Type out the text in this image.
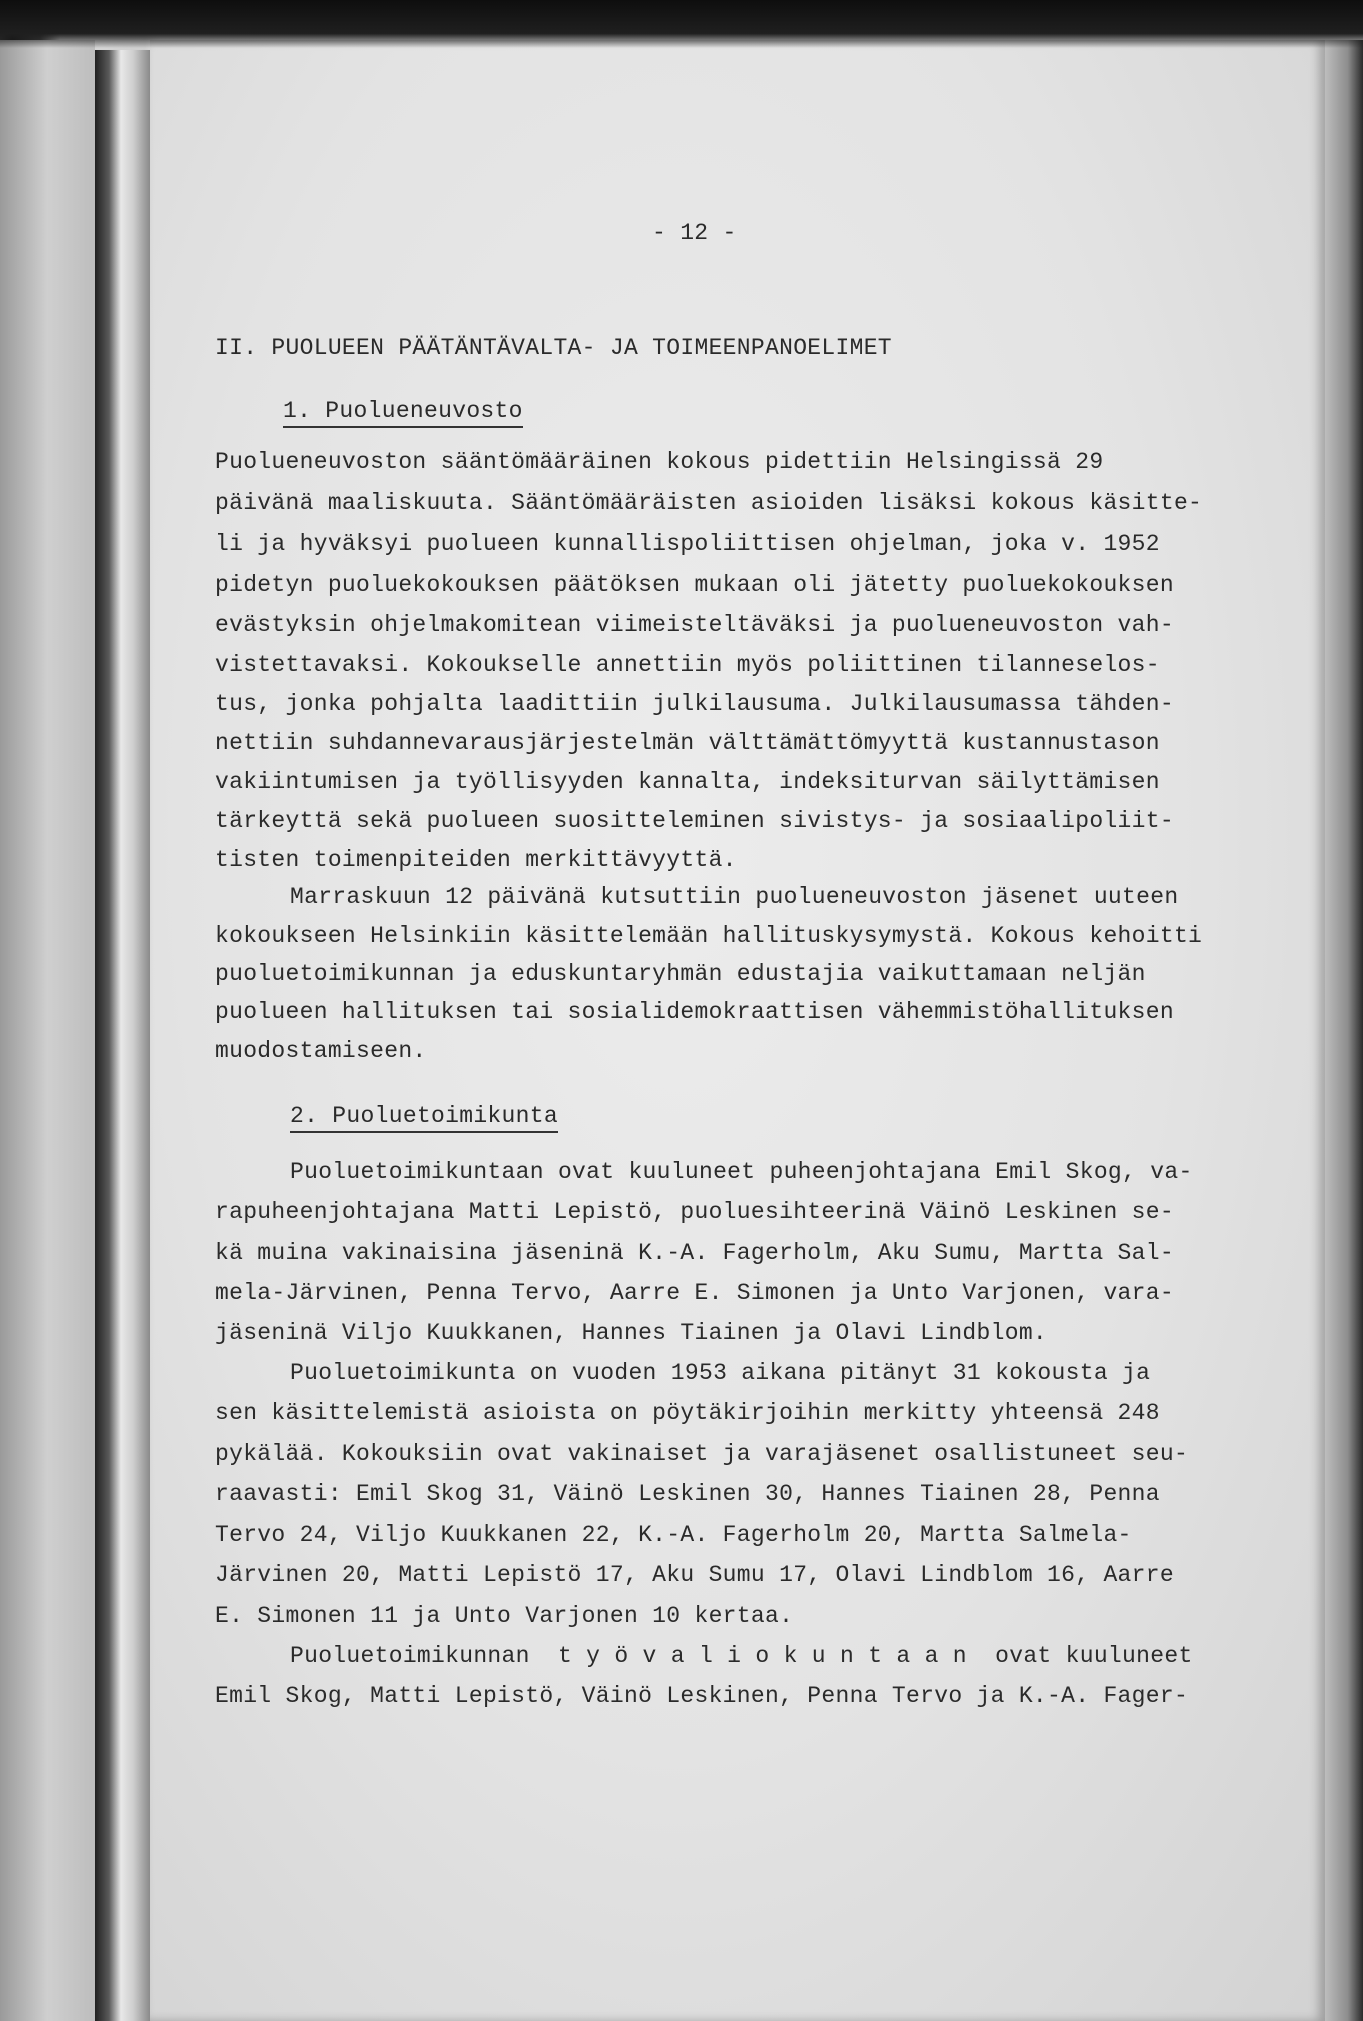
- 12 -
II. PUOLUEEN PÄÄTÄNTÄVALTA- JA TOIMEENPANOELIMET
1. Puolueneuvosto
Puolueneuvoston sääntömääräinen kokous pidettiin Helsingissä 29
päivänä maaliskuuta. Sääntömääräisten asioiden lisäksi kokous käsitte-
li ja hyväksyi puolueen kunnallispoliittisen ohjelman, joka v. 1952
pidetyn puoluekokouksen päätöksen mukaan oli jätetty puoluekokouksen
evästyksin ohjelmakomitean viimeisteltäväksi ja puolueneuvoston vah-
vistettavaksi. Kokoukselle annettiin myös poliittinen tilanneselos-
tus, jonka pohjalta laadittiin julkilausuma. Julkilausumassa tähden-
nettiin suhdannevarausjärjestelmän välttämättömyyttä kustannustason
vakiintumisen ja työllisyyden kannalta, indeksiturvan säilyttämisen
tärkeyttä sekä puolueen suositteleminen sivistys- ja sosiaalipoliit-
tisten toimenpiteiden merkittävyyttä.
Marraskuun 12 päivänä kutsuttiin puolueneuvoston jäsenet uuteen
kokoukseen Helsinkiin käsittelemään hallituskysymystä. Kokous kehoitti
puoluetoimikunnan ja eduskuntaryhmän edustajia vaikuttamaan neljän
puolueen hallituksen tai sosialidemokraattisen vähemmistöhallituksen
muodostamiseen.
2. Puoluetoimikunta
Puoluetoimikuntaan ovat kuuluneet puheenjohtajana Emil Skog, va-
rapuheenjohtajana Matti Lepistö, puoluesihteerinä Väinö Leskinen se-
kä muina vakinaisina jäseninä K.-A. Fagerholm, Aku Sumu, Martta Sal-
mela-Järvinen, Penna Tervo, Aarre E. Simonen ja Unto Varjonen, vara-
jäseninä Viljo Kuukkanen, Hannes Tiainen ja Olavi Lindblom.
Puoluetoimikunta on vuoden 1953 aikana pitänyt 31 kokousta ja
sen käsittelemistä asioista on pöytäkirjoihin merkitty yhteensä 248
pykälää. Kokouksiin ovat vakinaiset ja varajäsenet osallistuneet seu-
raavasti: Emil Skog 31, Väinö Leskinen 30, Hannes Tiainen 28, Penna
Tervo 24, Viljo Kuukkanen 22, K.-A. Fagerholm 20, Martta Salmela-
Järvinen 20, Matti Lepistö 17, Aku Sumu 17, Olavi Lindblom 16, Aarre
E. Simonen 11 ja Unto Varjonen 10 kertaa.
Puoluetoimikunnan  t y ö v a l i o k u n t a a n  ovat kuuluneet
Emil Skog, Matti Lepistö, Väinö Leskinen, Penna Tervo ja K.-A. Fager-
